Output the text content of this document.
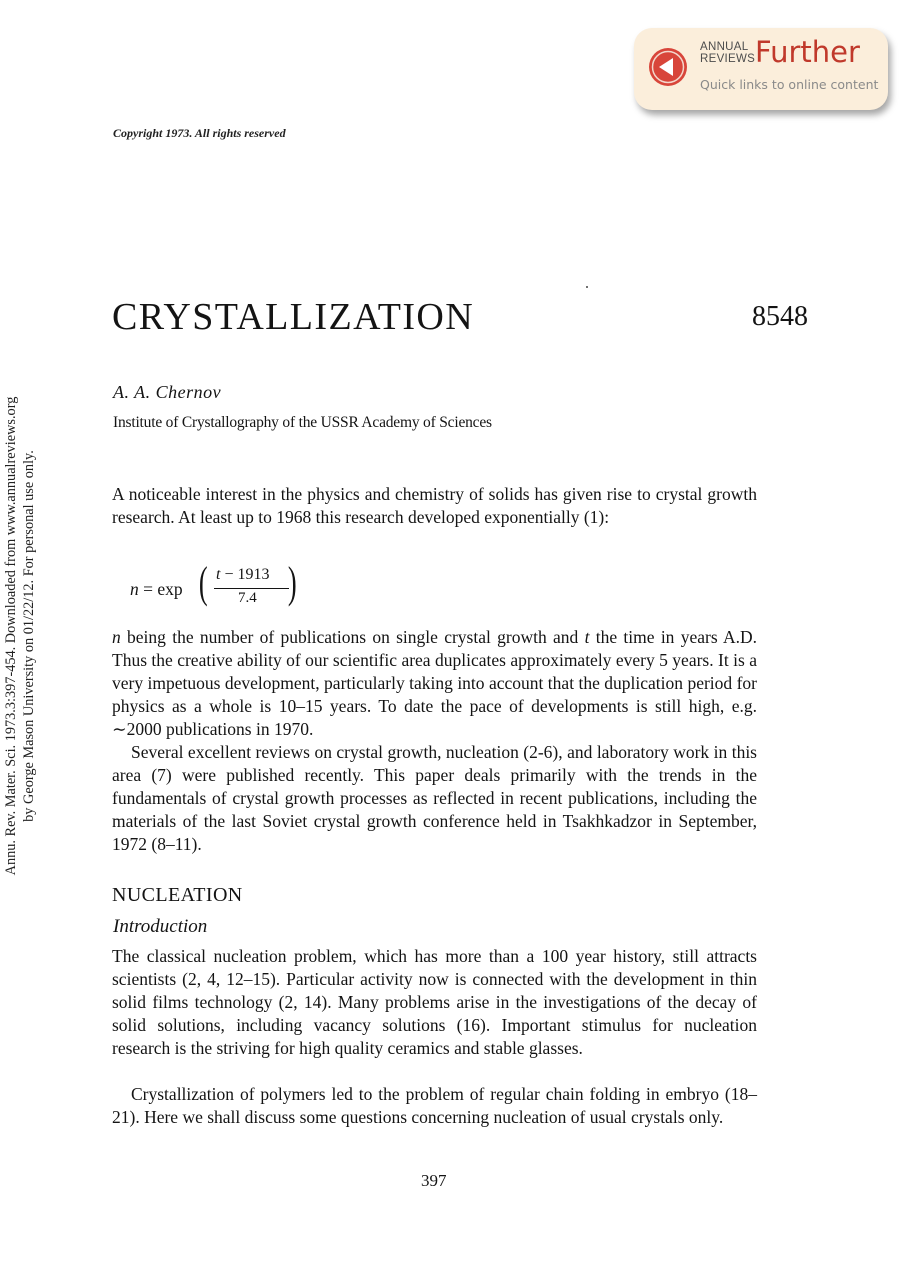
ANNUAL
REVIEWS Further
Quick links to online content
Annu. Rev. Mater. Sci. 1973.3:397-454. Downloaded from www.annualreviews.org by George Mason University on 01/22/12. For personal use only.
Copyright 1973. All rights reserved
CRYSTALLIZATION	8548
A. A. Chernov
Institute of Crystallography of the USSR Academy of Sciences

A noticeable interest in the physics and chemistry of solids has given rise to crystal growth research. At least up to 1968 this research developed exponentially (1):

n = exp ( t − 1913
7.4 )

n being the number of publications on single crystal growth and t the time in years A.D. Thus the creative ability of our scientific area duplicates approximately every 5 years. It is a very impetuous development, particularly taking into account that the duplication period for physics as a whole is 10–15 years. To date the pace of developments is still high, e.g. ∼2000 publications in 1970.

Several excellent reviews on crystal growth, nucleation (2-6), and laboratory work in this area (7) were published recently. This paper deals primarily with the trends in the fundamentals of crystal growth processes as reflected in recent publications, including the materials of the last Soviet crystal growth conference held in Tsakhkadzor in September, 1972 (8–11).

NUCLEATION
Introduction

The classical nucleation problem, which has more than a 100 year history, still attracts scientists (2, 4, 12–15). Particular activity now is connected with the development in thin solid films technology (2, 14). Many problems arise in the investigations of the decay of solid solutions, including vacancy solutions (16). Important stimulus for nucleation research is the striving for high quality ceramics and stable glasses.

Crystallization of polymers led to the problem of regular chain folding in embryo (18–21). Here we shall discuss some questions concerning nucleation of usual crystals only.

397
